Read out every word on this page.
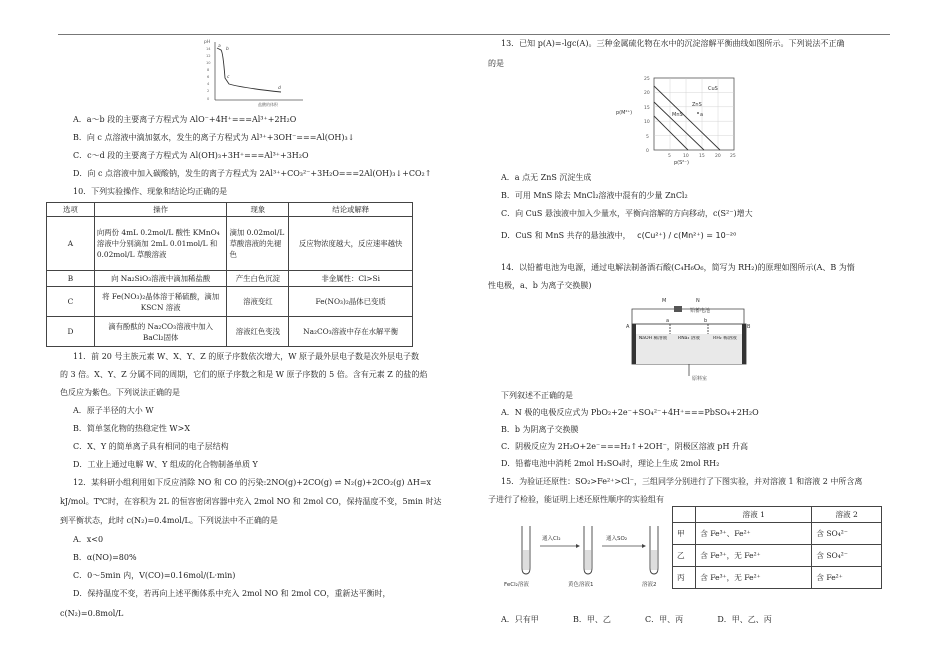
pH
14
12
10
8
6
4
2
0
a
b
c
d
盐酸的体积

A．a～b 段的主要离子方程式为 AlO⁻+4H⁺===Al³⁺+2H₂O

B．向 c 点溶液中滴加氨水，发生的离子方程式为 Al³⁺+3OH⁻===Al(OH)₃↓

C．c～d 段的主要离子方程式为 Al(OH)₃+3H⁺===Al³⁺+3H₂O

D．向 c 点溶液中加入碳酸钠，发生的离子方程式为 2Al³⁺+CO₃²⁻+3H₂O===2Al(OH)₃↓+CO₂↑

10．下列实验操作、现象和结论均正确的是

选项	操作	现象	结论或解释
A	向两份 4mL 0.2mol/L 酸性 KMnO₄溶液中分别滴加 2mL 0.01mol/L 和 0.02mol/L 草酸溶液	滴加 0.02mol/L 草酸溶液的先褪色	反应物浓度越大，反应速率越快
B	向 Na₂SiO₃溶液中滴加稀盐酸	产生白色沉淀	非金属性：Cl>Si
C	将 Fe(NO₃)₂晶体溶于稀硫酸，滴加 KSCN 溶液	溶液变红	Fe(NO₃)₂晶体已变质
D	滴有酚酞的 Na₂CO₃溶液中加入 BaCl₂固体	溶液红色变浅	Na₂CO₃溶液中存在水解平衡

11．前 20 号主族元素 W、X、Y、Z 的原子序数依次增大，W 原子最外层电子数是次外层电子数

的 3 倍。X、Y、Z 分属不同的周期，它们的原子序数之和是 W 原子序数的 5 倍。含有元素 Z 的盐的焰

色反应为紫色。下列说法正确的是

A．原子半径的大小 W

B．简单氢化物的热稳定性 W>X

C．X、Y 的简单离子具有相同的电子层结构

D．工业上通过电解 W、Y 组成的化合物制备单质 Y

12．某科研小组利用如下反应消除 NO 和 CO 的污染:2NO(g)+2CO(g) ⇌ N₂(g)+2CO₂(g) ΔH=x

kJ/mol。T℃时，在容积为 2L 的恒容密闭容器中充入 2mol NO 和 2mol CO，保持温度不变，5min 时达

到平衡状态，此时 c(N₂)=0.4mol/L。下列说法中不正确的是

A．x<0

B．α(NO)=80%

C．0～5min 内，V(CO)=0.16mol/(L·min)

D．保持温度不变，若再向上述平衡体系中充入 2mol NO 和 2mol CO，重新达平衡时，

c(N₂)=0.8mol/L

13．已知 p(A)=-lgc(A)。三种金属硫化物在水中的沉淀溶解平衡曲线如图所示。下列说法不正确

的是

CuS
ZnS
MnS	a
0
5
10
15
20
25
5	10 15 20 25
p(M²⁺)
p(S²⁻)

A．a 点无 ZnS 沉淀生成

B．可用 MnS 除去 MnCl₂溶液中混有的少量 ZnCl₂

C．向 CuS 悬浊液中加入少量水，平衡向溶解的方向移动，c(S²⁻)增大

D．CuS 和 MnS 共存的悬浊液中， c(Cu²⁺) / c(Mn²⁺) = 10⁻²⁰

14．以铅蓄电池为电源，通过电解法制备酒石酸(C₄H₆O₆，简写为 RH₂)的原理如图所示(A、B 为惰

性电极，a、b 为离子交换膜)

M	N
铅蓄电池
A	B
a	b
NaOH 稀溶液	RNa₂ 溶液	RH₂ 稀溶液
原料室

下列叙述不正确的是

A．N 极的电极反应式为 PbO₂+2e⁻+SO₄²⁻+4H⁺===PbSO₄+2H₂O

B．b 为阴离子交换膜

C．阴极反应为 2H₂O+2e⁻===H₂↑+2OH⁻，阴极区溶液 pH 升高

D．铅蓄电池中消耗 2mol H₂SO₄时，理论上生成 2mol RH₂

15．为验证还原性：SO₂>Fe²⁺>Cl⁻，三组同学分别进行了下图实验，并对溶液 1 和溶液 2 中所含离

子进行了检验，能证明上述还原性顺序的实验组有

通入Cl₂	通入SO₂
FeCl₂溶液	黄色溶液1	溶液2
	溶液 1	溶液 2
甲	含 Fe³⁺、Fe²⁺	含 SO₄²⁻
乙	含 Fe³⁺，无 Fe²⁺	含 SO₄²⁻
丙	含 Fe³⁺，无 Fe²⁺	含 Fe²⁺

A．只有甲	B．甲、乙	C．甲、丙	D．甲、乙、丙
